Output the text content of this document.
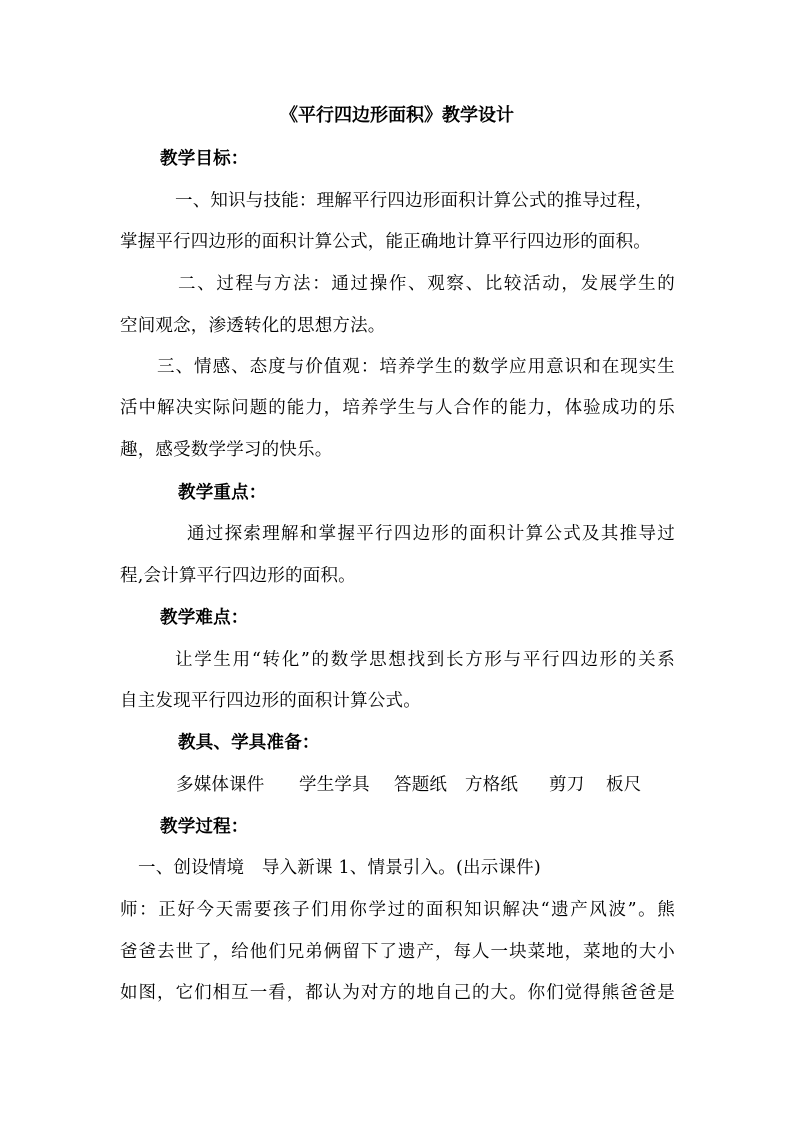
《平行四边形面积》教学设计
教学目标：
一、知识与技能：理解平行四边形面积计算公式的推导过程，
掌握平行四边形的面积计算公式，能正确地计算平行四边形的面积。
二、过程与方法：通过操作、观察、比较活动，发展学生的
空间观念，渗透转化的思想方法。
三、情感、态度与价值观：培养学生的数学应用意识和在现实生
活中解决实际问题的能力，培养学生与人合作的能力，体验成功的乐
趣，感受数学学习的快乐。
教学重点：
通过探索理解和掌握平行四边形的面积计算公式及其推导过
程,会计算平行四边形的面积。
教学难点：
让学生用“转化”的数学思想找到长方形与平行四边形的关系
自主发现平行四边形的面积计算公式。
教具、学具准备：
多媒体课件 学生学具 答题纸 方格纸 剪刀 板尺
教学过程：
一、创设情境　导入新课 1、情景引入。(出示课件)
师：正好今天需要孩子们用你学过的面积知识解决“遗产风波”。熊
爸爸去世了，给他们兄弟俩留下了遗产，每人一块菜地，菜地的大小
如图，它们相互一看，都认为对方的地自己的大。你们觉得熊爸爸是
